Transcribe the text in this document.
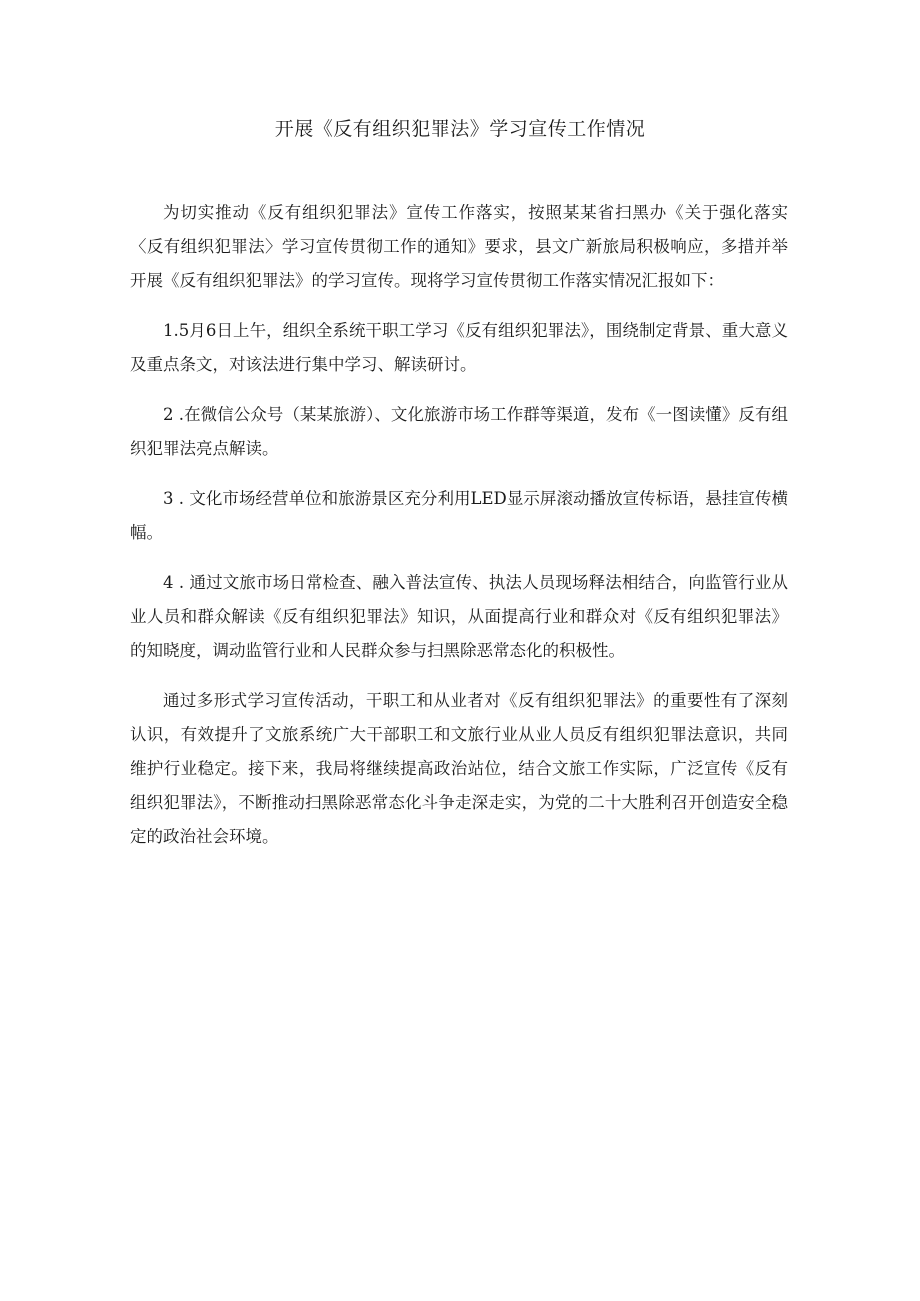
开展《反有组织犯罪法》学习宣传工作情况

为切实推动《反有组织犯罪法》宣传工作落实，按照某某省扫黑办《关于强化落实〈反有组织犯罪法〉学习宣传贯彻工作的通知》要求，县文广新旅局积极响应，多措并举开展《反有组织犯罪法》的学习宣传。现将学习宣传贯彻工作落实情况汇报如下：

1.5月6日上午，组织全系统干职工学习《反有组织犯罪法》，围绕制定背景、重大意义及重点条文，对该法进行集中学习、解读研讨。

2 .在微信公众号（某某旅游）、文化旅游市场工作群等渠道，发布《一图读懂》反有组织犯罪法亮点解读。

3 . 文化市场经营单位和旅游景区充分利用LED显示屏滚动播放宣传标语，悬挂宣传横幅。

4 . 通过文旅市场日常检查、融入普法宣传、执法人员现场释法相结合，向监管行业从业人员和群众解读《反有组织犯罪法》知识，从面提高行业和群众对《反有组织犯罪法》的知晓度，调动监管行业和人民群众参与扫黑除恶常态化的积极性。

通过多形式学习宣传活动，干职工和从业者对《反有组织犯罪法》的重要性有了深刻认识，有效提升了文旅系统广大干部职工和文旅行业从业人员反有组织犯罪法意识，共同维护行业稳定。接下来，我局将继续提高政治站位，结合文旅工作实际，广泛宣传《反有组织犯罪法》，不断推动扫黑除恶常态化斗争走深走实，为党的二十大胜利召开创造安全稳定的政治社会环境。
